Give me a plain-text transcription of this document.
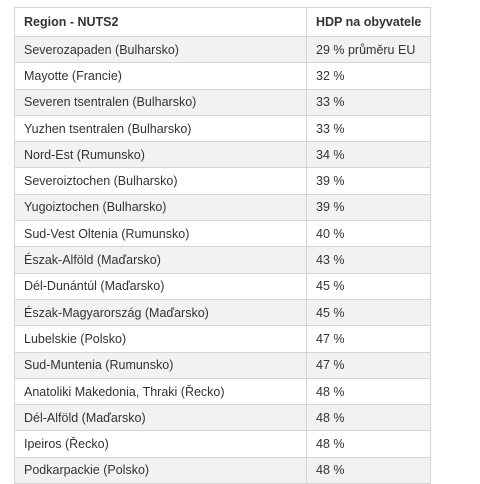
Region - NUTS2	HDP na obyvatele
Severozapaden (Bulharsko)	29 % průměru EU
Mayotte (Francie)	32 %
Severen tsentralen (Bulharsko)	33 %
Yuzhen tsentralen (Bulharsko)	33 %
Nord-Est (Rumunsko)	34 %
Severoiztochen (Bulharsko)	39 %
Yugoiztochen (Bulharsko)	39 %
Sud-Vest Oltenia (Rumunsko)	40 %
Észak-Alföld (Maďarsko)	43 %
Dél-Dunántúl (Maďarsko)	45 %
Észak-Magyarország (Maďarsko)	45 %
Lubelskie (Polsko)	47 %
Sud-Muntenia (Rumunsko)	47 %
Anatoliki Makedonia, Thraki (Řecko)	48 %
Dél-Alföld (Maďarsko)	48 %
Ipeiros (Řecko)	48 %
Podkarpackie (Polsko)	48 %
